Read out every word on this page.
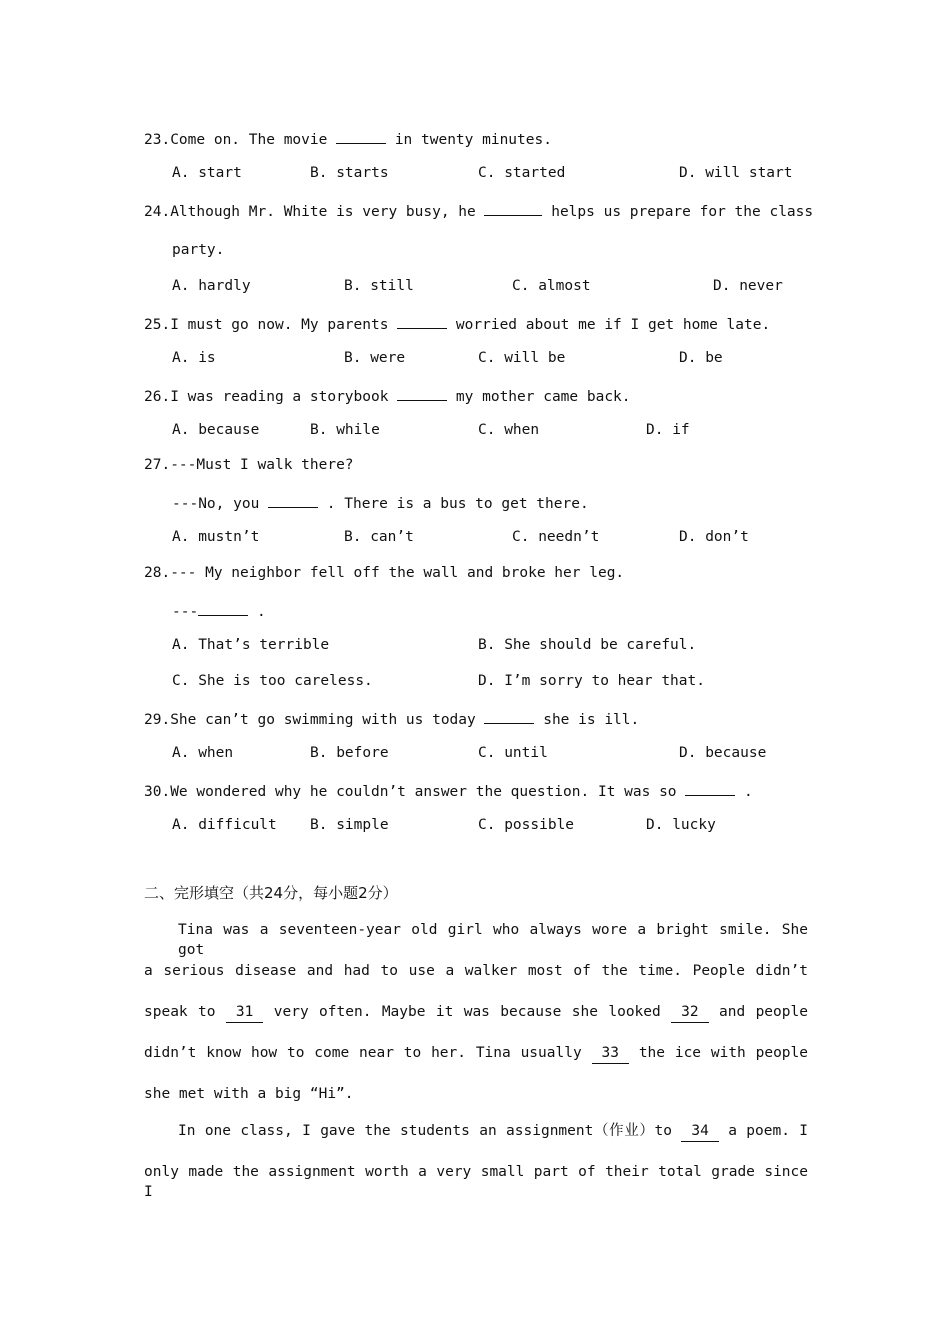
23.Come on. The movie	in twenty minutes.
A. start	B. starts	C. started	D. will start
24.Although Mr. White is very busy, he	helps us prepare for the class
party.
A. hardly	B. still	C. almost	D. never
25.I must go now. My parents	worried about me if I get home late.
A. is	B. were	C. will be	D. be
26.I was reading a storybook	my mother came back.
A. because	B. while	C. when	D. if
27.---Must I walk there?
---No, you	. There is a bus to get there.
A. mustn’t	B. can’t	C. needn’t	D. don’t
28.--- My neighbor fell off the wall and broke her leg.
---	.
A. That’s terrible	B. She should be careful.
C. She is too careless.	D. I’m sorry to hear that.
29.She can’t go swimming with us today	she is ill.
A. when	B. before	C. until	D. because
30.We wondered why he couldn’t answer the question. It was so	.
A. difficult B. simple	C. possible	D. lucky
二、完形填空（共24分，每小题2分）
Tina was a seventeen-year old girl who always wore a bright smile. She got
a serious disease and had to use a walker most of the time. People didn’t
speak to 31 very often. Maybe it was because she looked 32 and people
didn’t know how to come near to her. Tina usually 33 the ice with people
she met with a big “Hi”.
In one class, I gave the students an assignment（作业）to 34 a poem. I
only made the assignment worth a very small part of their total grade since I
